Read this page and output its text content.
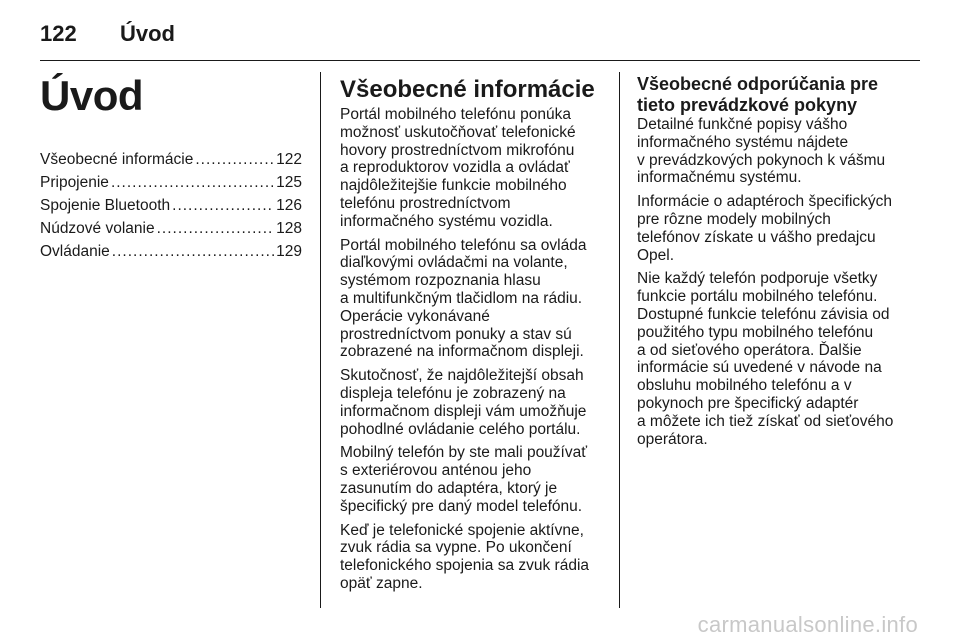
122 Úvod
Úvod
Všeobecné informácie .....	122
Pripojenie .....	125
Spojenie Bluetooth .....	126
Núdzové volanie .....	128
Ovládanie .....	129
Všeobecné informácie

Portál mobilného telefónu ponúka
možnosť uskutočňovať telefonické
hovory prostredníctvom mikrofónu
a reproduktorov vozidla a ovládať
najdôležitejšie funkcie mobilného
telefónu prostredníctvom
informačného systému vozidla.

Portál mobilného telefónu sa ovláda
diaľkovými ovládačmi na volante,
systémom rozpoznania hlasu
a multifunkčným tlačidlom na rádiu.
Operácie vykonávané
prostredníctvom ponuky a stav sú
zobrazené na informačnom displeji.

Skutočnosť, že najdôležitejší obsah
displeja telefónu je zobrazený na
informačnom displeji vám umožňuje
pohodlné ovládanie celého portálu.

Mobilný telefón by ste mali používať
s exteriérovou anténou jeho
zasunutím do adaptéra, ktorý je
špecifický pre daný model telefónu.

Keď je telefonické spojenie aktívne,
zvuk rádia sa vypne. Po ukončení
telefonického spojenia sa zvuk rádia
opäť zapne.

Všeobecné odporúčania pre
tieto prevádzkové pokyny

Detailné funkčné popisy vášho
informačného systému nájdete
v prevádzkových pokynoch k vášmu
informačnému systému.

Informácie o adaptéroch špecifických
pre rôzne modely mobilných
telefónov získate u vášho predajcu
Opel.

Nie každý telefón podporuje všetky
funkcie portálu mobilného telefónu.
Dostupné funkcie telefónu závisia od
použitého typu mobilného telefónu
a od sieťového operátora. Ďalšie
informácie sú uvedené v návode na
obsluhu mobilného telefónu a v
pokynoch pre špecifický adaptér
a môžete ich tiež získať od sieťového
operátora.

carmanualsonline.info
